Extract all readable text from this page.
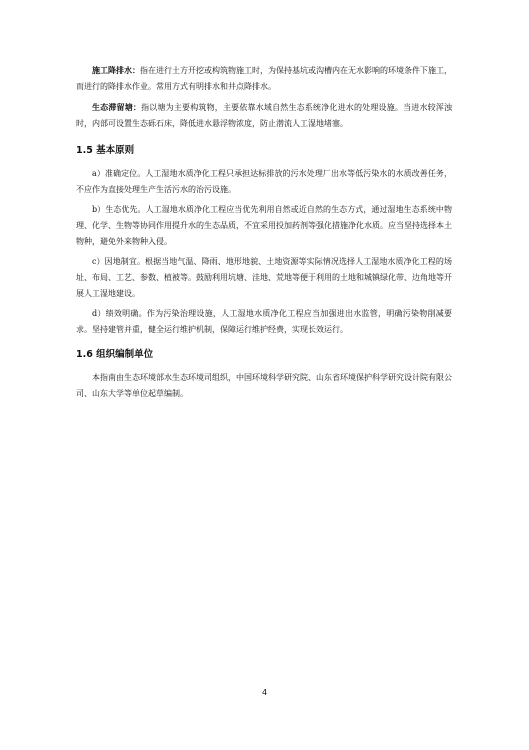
施工降排水：指在进行土方开挖或构筑物施工时，为保持基坑或沟槽内在无水影响的环境条件下施工，而进行的降排水作业。常用方式有明排水和井点降排水。

生态滞留塘：指以塘为主要构筑物，主要依靠水域自然生态系统净化进水的处理设施。当进水较浑浊时，内部可设置生态砾石床，降低进水悬浮物浓度，防止潜流人工湿地堵塞。

1.5 基本原则

a）准确定位。人工湿地水质净化工程只承担达标排放的污水处理厂出水等低污染水的水质改善任务，不应作为直接处理生产生活污水的治污设施。

b）生态优先。人工湿地水质净化工程应当优先利用自然或近自然的生态方式，通过湿地生态系统中物理、化学、生物等协同作用提升水的生态品质，不宜采用投加药剂等强化措施净化水质。应当坚持选择本土物种，避免外来物种入侵。

c）因地制宜。根据当地气温、降雨、地形地貌、土地资源等实际情况选择人工湿地水质净化工程的场址、布局、工艺、参数、植被等。鼓励利用坑塘、洼地、荒地等便于利用的土地和城镇绿化带、边角地等开展人工湿地建设。

d）绩效明确。作为污染治理设施，人工湿地水质净化工程应当加强进出水监管，明确污染物削减要求。坚持建管并重，健全运行维护机制，保障运行维护经费，实现长效运行。

1.6 组织编制单位

本指南由生态环境部水生态环境司组织，中国环境科学研究院、山东省环境保护科学研究设计院有限公司、山东大学等单位起草编制。

4
